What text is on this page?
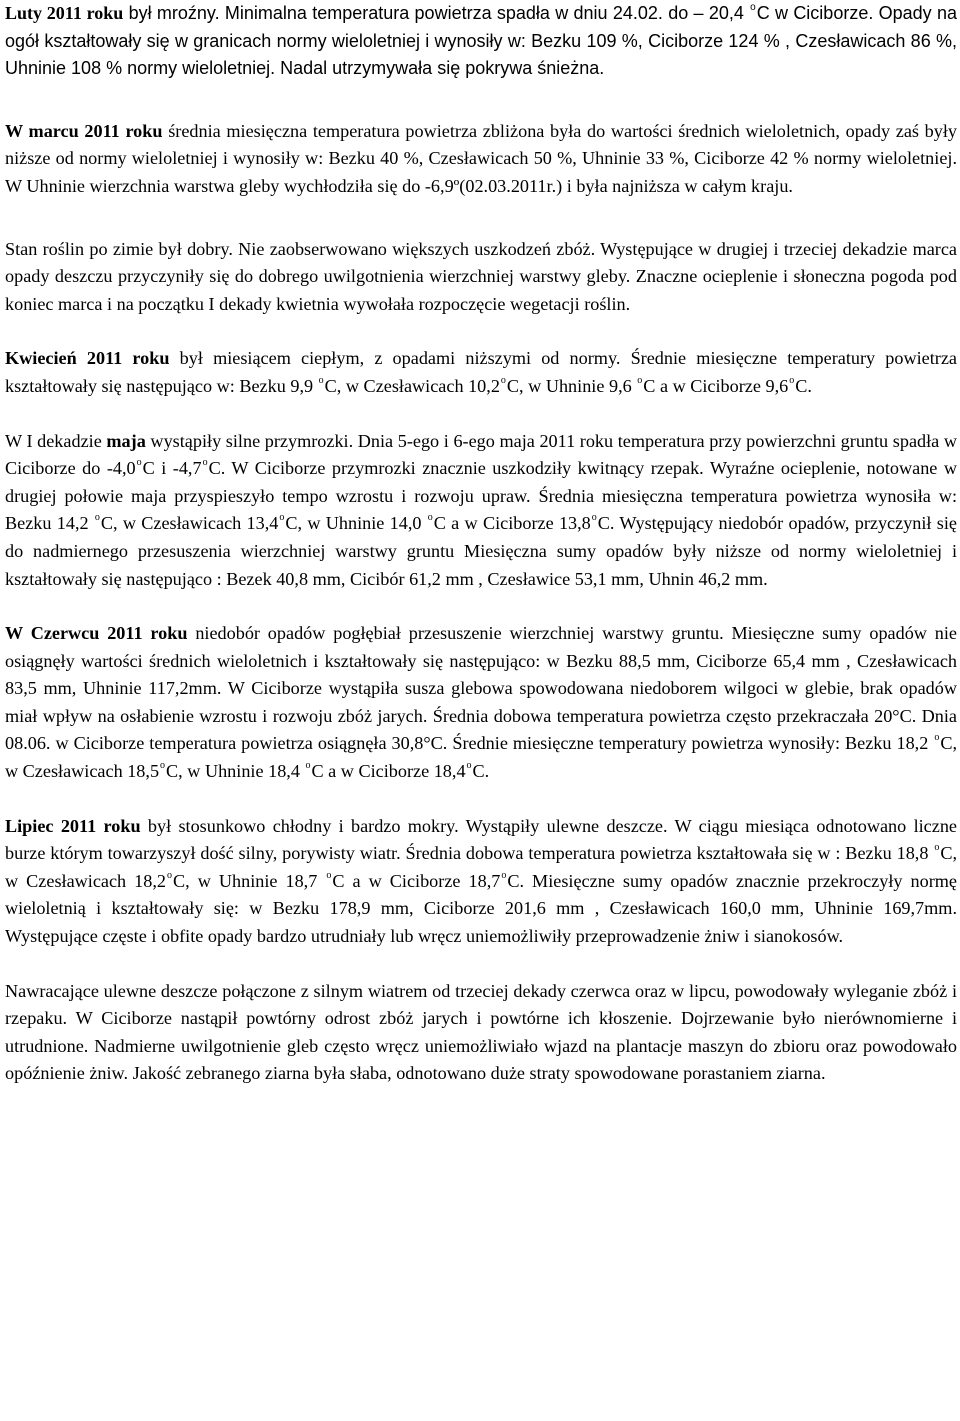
Luty 2011 roku był mroźny. Minimalna temperatura powietrza spadła w dniu 24.02. do – 20,4 $^o$C w Ciciborze. Opady na ogół kształtowały się w granicach normy wieloletniej i wynosiły w: Bezku 109 %, Ciciborze 124 % , Czesławicach 86 %, Uhninie 108 % normy wieloletniej. Nadal utrzymywała się pokrywa śnieżna.

W marcu 2011 roku średnia miesięczna temperatura powietrza zbliżona była do wartości średnich wieloletnich, opady zaś były niższe od normy wieloletniej i wynosiły w: Bezku 40 %, Czesławicach 50 %, Uhninie 33 %, Ciciborze 42 % normy wieloletniej. W Uhninie wierzchnia warstwa gleby wychłodziła się do -6,9º(02.03.2011r.) i była najniższa w całym kraju.

Stan roślin po zimie był dobry. Nie zaobserwowano większych uszkodzeń zbóż. Występujące w drugiej i trzeciej dekadzie marca opady deszczu przyczyniły się do dobrego uwilgotnienia wierzchniej warstwy gleby. Znaczne ocieplenie i słoneczna pogoda pod koniec marca i na początku I dekady kwietnia wywołała rozpoczęcie wegetacji roślin.

Kwiecień 2011 roku był miesiącem ciepłym, z opadami niższymi od normy. Średnie miesięczne temperatury powietrza kształtowały się następująco w: Bezku 9,9 $^o$C, w Czesławicach 10,2$^o$C, w Uhninie 9,6 $^o$C a w Ciciborze 9,6$^o$C.

W I dekadzie maja wystąpiły silne przymrozki. Dnia 5-ego i 6-ego maja 2011 roku temperatura przy powierzchni gruntu spadła w Ciciborze do -4,0$^o$C i -4,7$^o$C. W Ciciborze przymrozki znacznie uszkodziły kwitnący rzepak. Wyraźne ocieplenie, notowane w drugiej połowie maja przyspieszyło tempo wzrostu i rozwoju upraw. Średnia miesięczna temperatura powietrza wynosiła w: Bezku 14,2 $^o$C, w Czesławicach 13,4$^o$C, w Uhninie 14,0 $^o$C a w Ciciborze 13,8$^o$C. Występujący niedobór opadów, przyczynił się do nadmiernego przesuszenia wierzchniej warstwy gruntu Miesięczna sumy opadów były niższe od normy wieloletniej i kształtowały się następująco : Bezek 40,8 mm, Cicibór 61,2 mm , Czesławice 53,1 mm, Uhnin 46,2 mm.

W Czerwcu 2011 roku niedobór opadów pogłębiał przesuszenie wierzchniej warstwy gruntu. Miesięczne sumy opadów nie osiągnęły wartości średnich wieloletnich i kształtowały się następująco: w Bezku 88,5 mm, Ciciborze 65,4 mm , Czesławicach 83,5 mm, Uhninie 117,2mm. W Ciciborze wystąpiła susza glebowa spowodowana niedoborem wilgoci w glebie, brak opadów miał wpływ na osłabienie wzrostu i rozwoju zbóż jarych. Średnia dobowa temperatura powietrza często przekraczała 20°C. Dnia 08.06. w Ciciborze temperatura powietrza osiągnęła 30,8°C. Średnie miesięczne temperatury powietrza wynosiły: Bezku 18,2 $^o$C, w Czesławicach 18,5$^o$C, w Uhninie 18,4 $^o$C a w Ciciborze 18,4$^o$C.

Lipiec 2011 roku był stosunkowo chłodny i bardzo mokry. Wystąpiły ulewne deszcze. W ciągu miesiąca odnotowano liczne burze którym towarzyszył dość silny, porywisty wiatr. Średnia dobowa temperatura powietrza kształtowała się w : Bezku 18,8 $^o$C, w Czesławicach 18,2$^o$C, w Uhninie 18,7 $^o$C a w Ciciborze 18,7$^o$C. Miesięczne sumy opadów znacznie przekroczyły normę wieloletnią i kształtowały się: w Bezku 178,9 mm, Ciciborze 201,6 mm , Czesławicach 160,0 mm, Uhninie 169,7mm. Występujące częste i obfite opady bardzo utrudniały lub wręcz uniemożliwiły przeprowadzenie żniw i sianokosów.

Nawracające ulewne deszcze połączone z silnym wiatrem od trzeciej dekady czerwca oraz w lipcu, powodowały wyleganie zbóż i rzepaku. W Ciciborze nastąpił powtórny odrost zbóż jarych i powtórne ich kłoszenie. Dojrzewanie było nierównomierne i utrudnione. Nadmierne uwilgotnienie gleb często wręcz uniemożliwiało wjazd na plantacje maszyn do zbioru oraz powodowało opóźnienie żniw. Jakość zebranego ziarna była słaba, odnotowano duże straty spowodowane porastaniem ziarna.
